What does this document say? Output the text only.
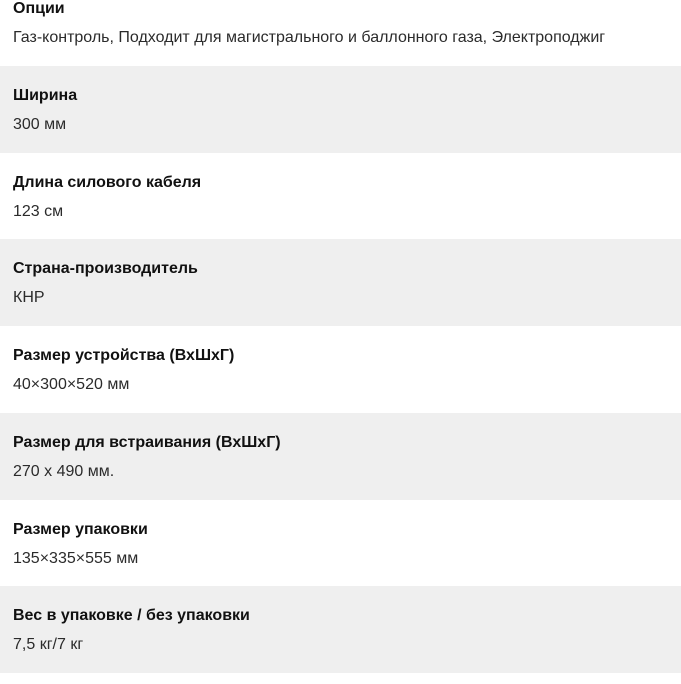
Опции
Газ-контроль, Подходит для магистрального и баллонного газа, Электроподжиг
Ширина
300 мм
Длина силового кабеля
123 см
Страна-производитель
КНР
Размер устройства (ВхШхГ)
40×300×520 мм
Размер для встраивания (ВхШхГ)
270 x 490 мм.
Размер упаковки
135×335×555 мм
Вес в упаковке / без упаковки
7,5 кг/7 кг
